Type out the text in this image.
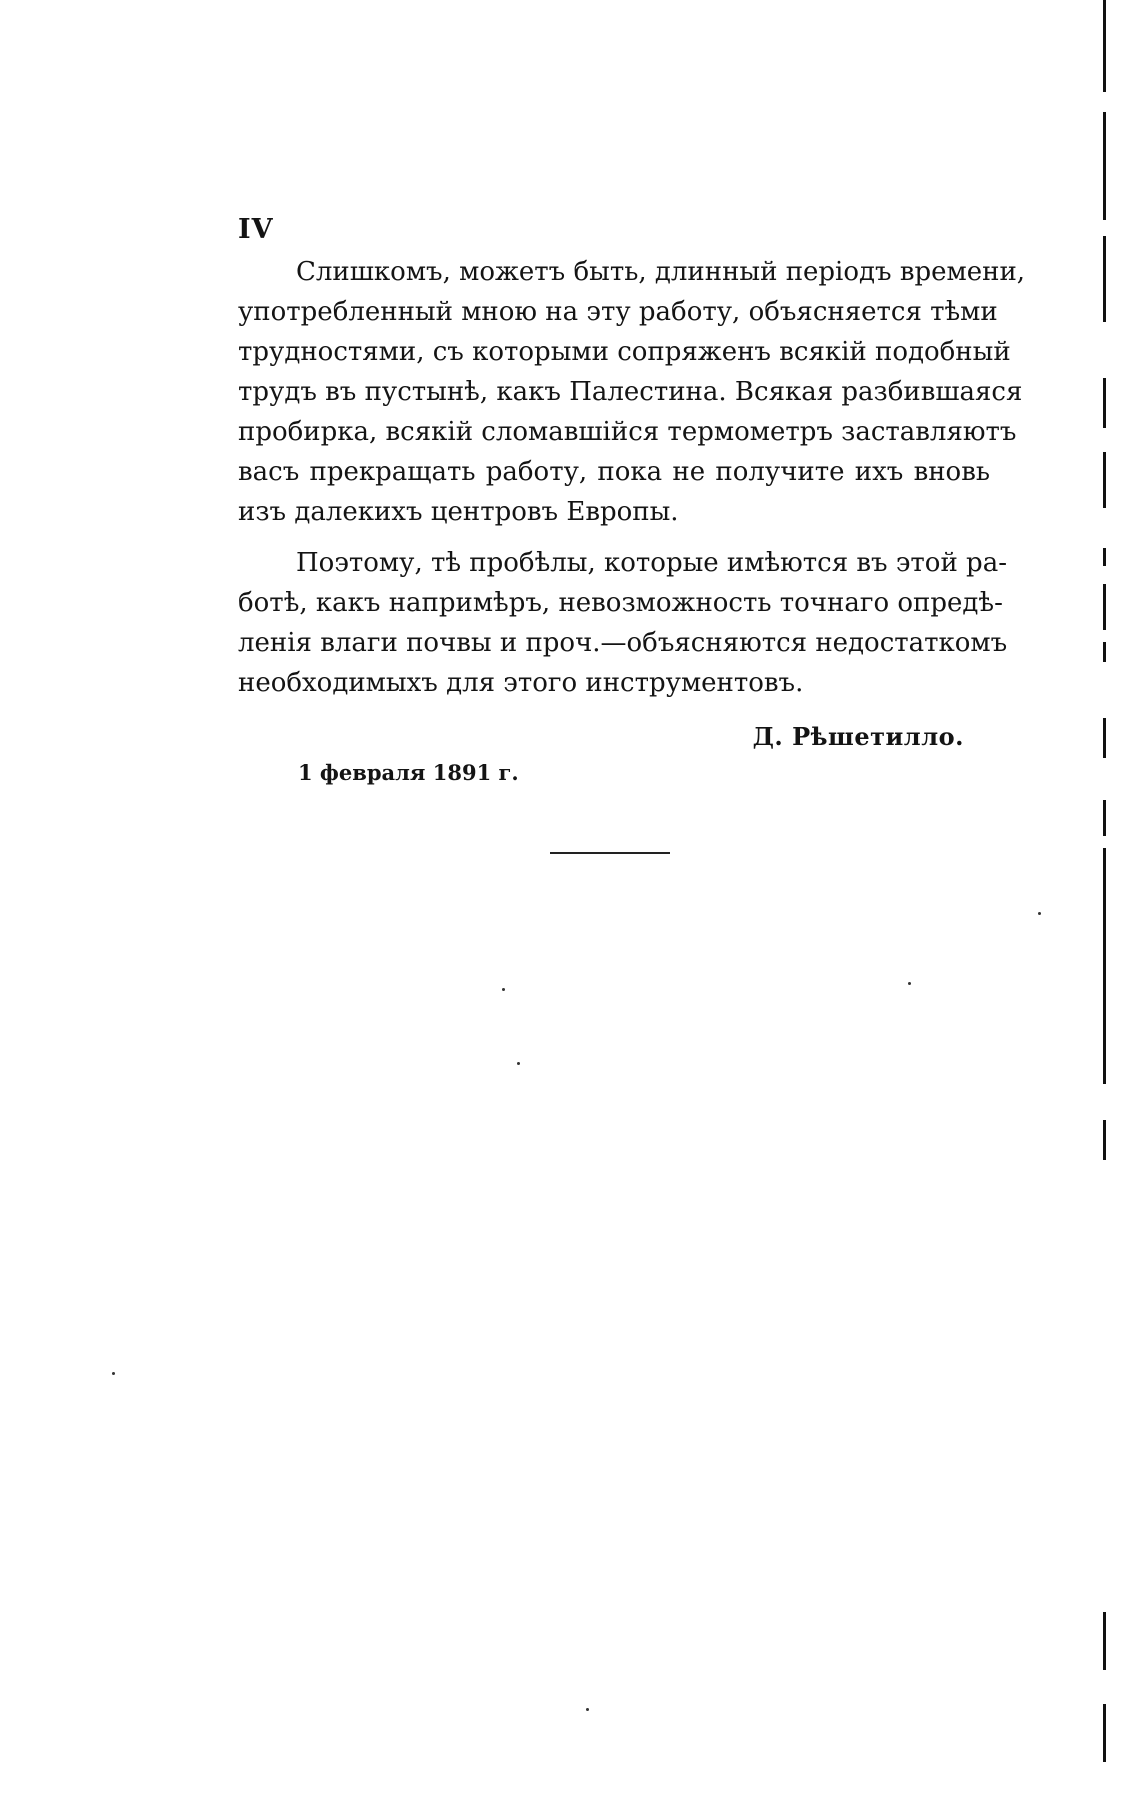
IV
Слишкомъ, можетъ быть, длинный періодъ времени,
употребленный мною на эту работу, объясняется тѣми
трудностями, съ которыми сопряженъ всякій подобный
трудъ въ пустынѣ, какъ Палестина. Всякая разбившаяся
пробирка, всякій сломавшійся термометръ заставляютъ
васъ прекращать работу, пока не получите ихъ вновь
изъ далекихъ центровъ Европы.
Поэтому, тѣ пробѣлы, которые имѣются въ этой ра-
ботѣ, какъ напримѣръ, невозможность точнаго опредѣ-
ленія влаги почвы и проч.—объясняются недостаткомъ
необходимыхъ для этого инструментовъ.
Д. Рѣшетилло.
1 февраля 1891 г.
